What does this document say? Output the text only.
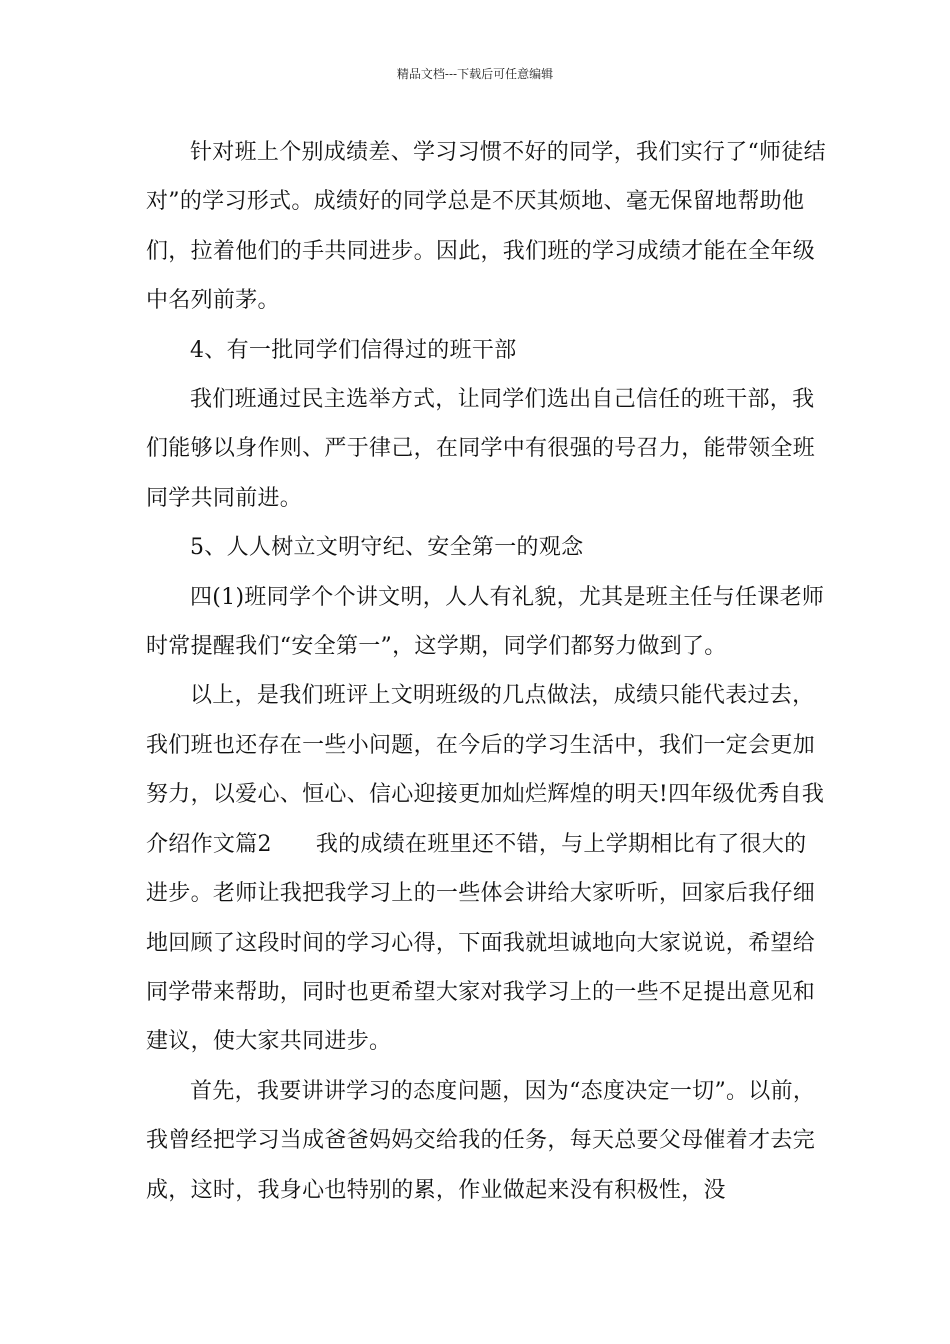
精品文档---下载后可任意编辑

针对班上个别成绩差、学习习惯不好的同学，我们实行了“师徒结对”的学习形式。成绩好的同学总是不厌其烦地、毫无保留地帮助他们，拉着他们的手共同进步。因此，我们班的学习成绩才能在全年级中名列前茅。

4、有一批同学们信得过的班干部

我们班通过民主选举方式，让同学们选出自己信任的班干部，我们能够以身作则、严于律己，在同学中有很强的号召力，能带领全班同学共同前进。

5、人人树立文明守纪、安全第一的观念

四(1)班同学个个讲文明，人人有礼貌，尤其是班主任与任课老师时常提醒我们“安全第一”，这学期，同学们都努力做到了。

以上，是我们班评上文明班级的几点做法，成绩只能代表过去，我们班也还存在一些小问题，在今后的学习生活中，我们一定会更加努力，以爱心、恒心、信心迎接更加灿烂辉煌的明天!四年级优秀自我介绍作文篇2 我的成绩在班里还不错，与上学期相比有了很大的进步。老师让我把我学习上的一些体会讲给大家听听，回家后我仔细地回顾了这段时间的学习心得，下面我就坦诚地向大家说说，希望给同学带来帮助，同时也更希望大家对我学习上的一些不足提出意见和建议，使大家共同进步。

首先，我要讲讲学习的态度问题，因为“态度决定一切”。以前，我曾经把学习当成爸爸妈妈交给我的任务，每天总要父母催着才去完成，这时，我身心也特别的累，作业做起来没有积极性，没
